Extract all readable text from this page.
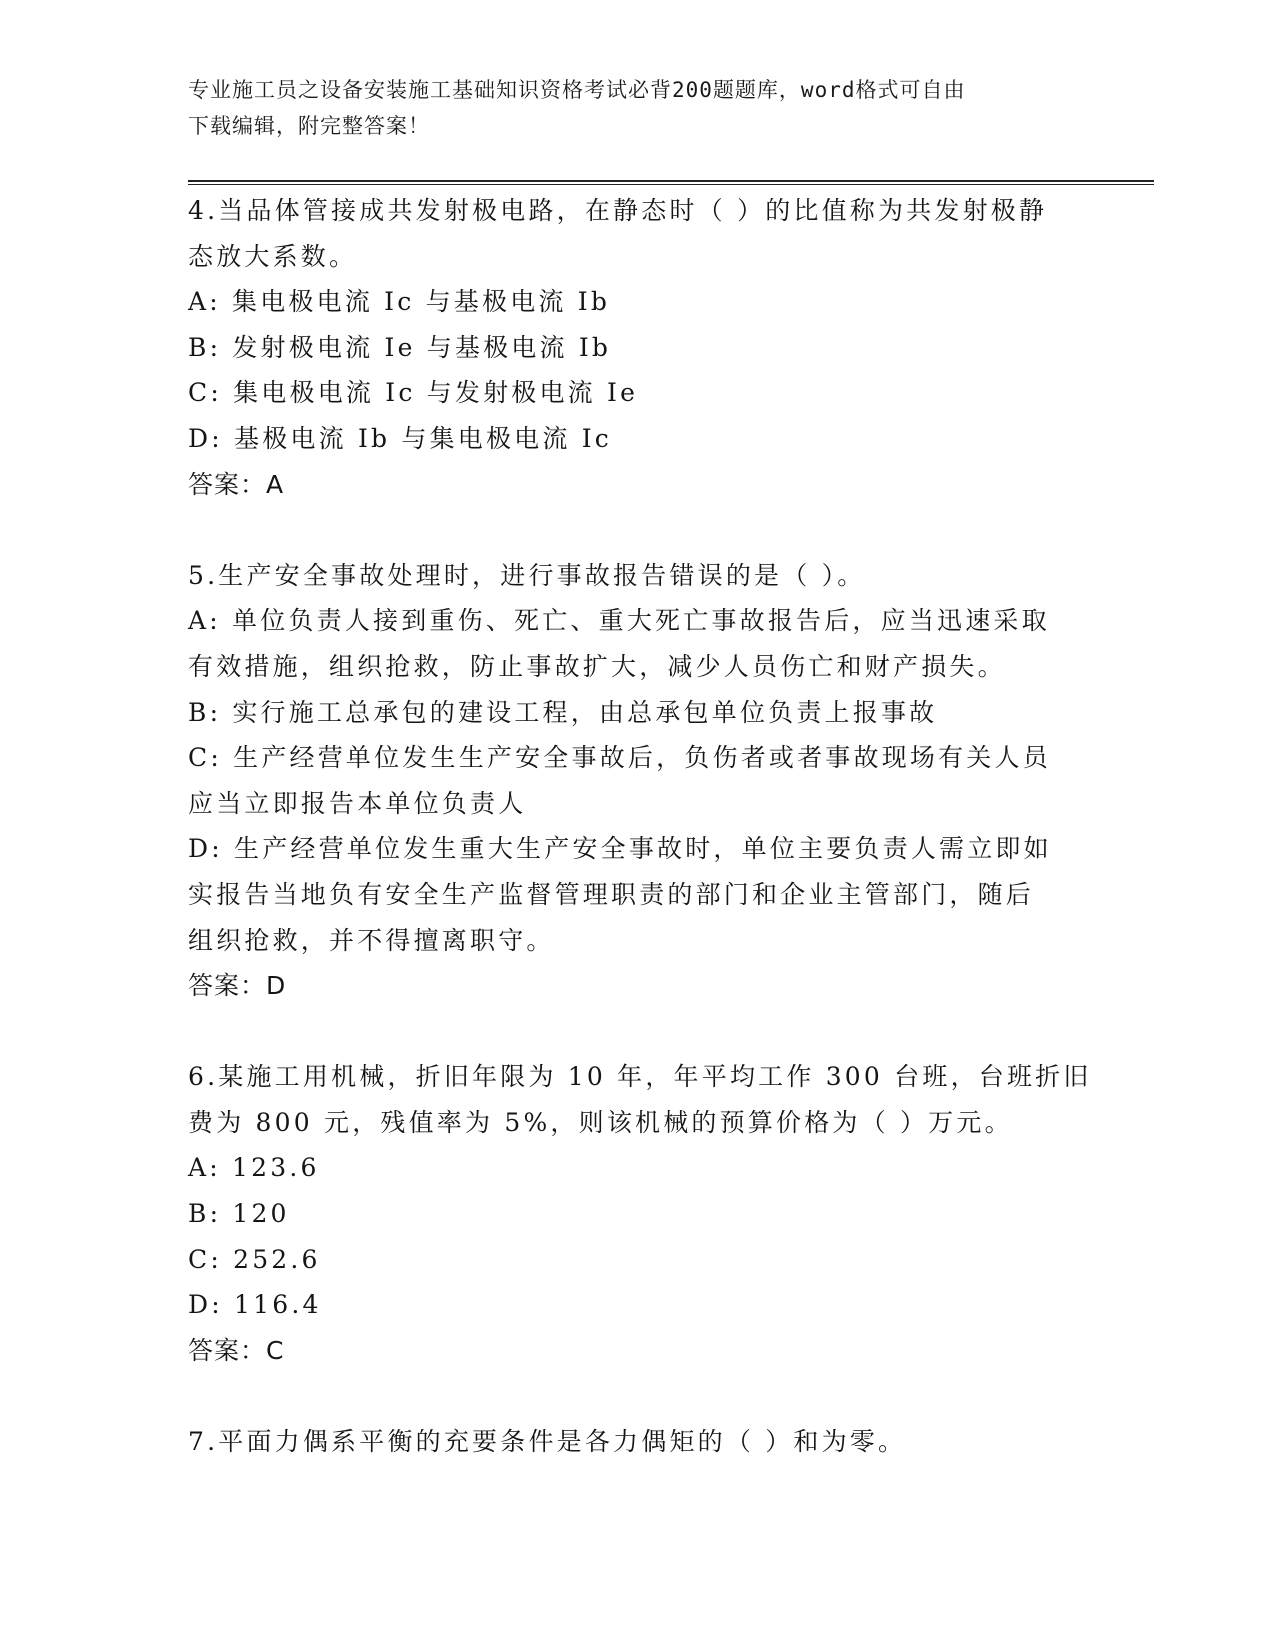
专业施工员之设备安装施工基础知识资格考试必背200题题库，word格式可自由
下载编辑，附完整答案！
4.当品体管接成共发射极电路，在静态时（ ）的比值称为共发射极静
态放大系数。
A: 集电极电流 Ic 与基极电流 Ib
B: 发射极电流 Ie 与基极电流 Ib
C: 集电极电流 Ic 与发射极电流 Ie
D: 基极电流 Ib 与集电极电流 Ic
答案：A
5.生产安全事故处理时，进行事故报告错误的是（ ）。
A: 单位负责人接到重伤、死亡、重大死亡事故报告后，应当迅速采取
有效措施，组织抢救，防止事故扩大，减少人员伤亡和财产损失。
B: 实行施工总承包的建设工程，由总承包单位负责上报事故
C: 生产经营单位发生生产安全事故后，负伤者或者事故现场有关人员
应当立即报告本单位负责人
D: 生产经营单位发生重大生产安全事故时，单位主要负责人需立即如
实报告当地负有安全生产监督管理职责的部门和企业主管部门，随后
组织抢救，并不得擅离职守。
答案：D
6.某施工用机械，折旧年限为 10 年，年平均工作 300 台班，台班折旧
费为 800 元，残值率为 5%，则该机械的预算价格为（ ）万元。
A: 123.6
B: 120
C: 252.6
D: 116.4
答案：C
7.平面力偶系平衡的充要条件是各力偶矩的（ ）和为零。
